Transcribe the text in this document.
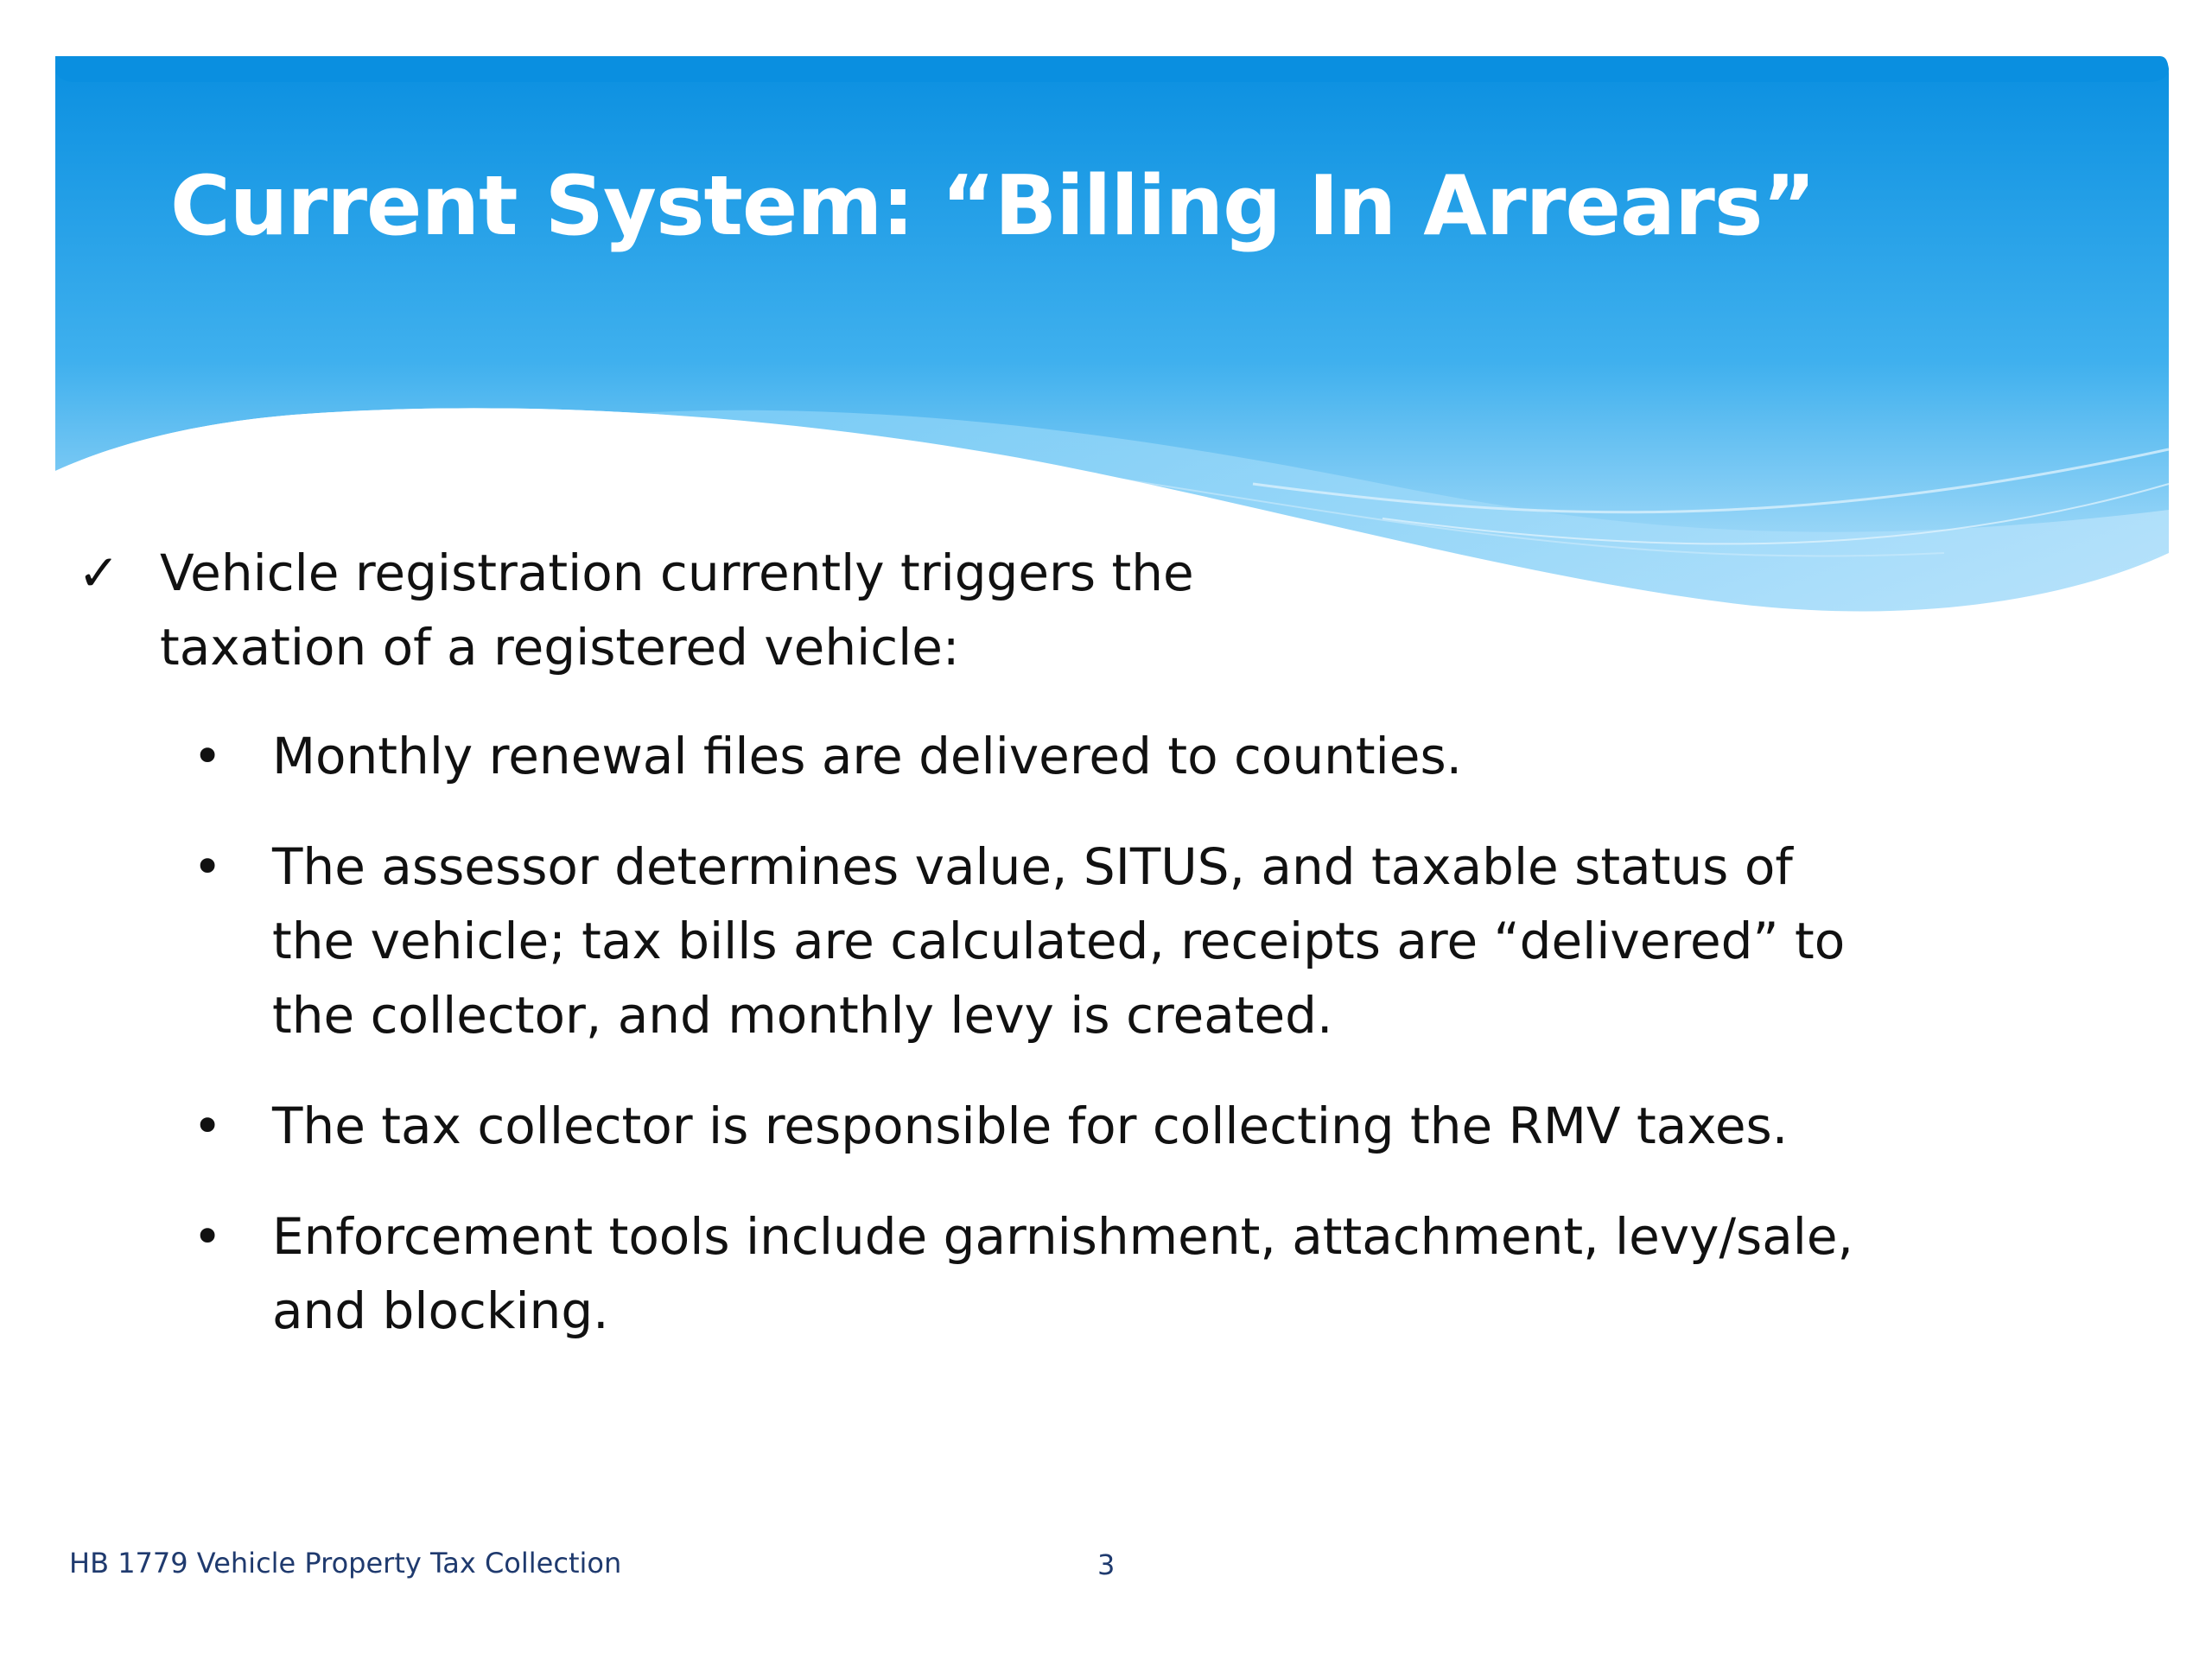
Current System: “Billing In Arrears”
✓ Vehicle registration currently triggers the taxation of a registered vehicle:
• Monthly renewal files are delivered to counties.
• The assessor determines value, SITUS, and taxable status of the vehicle; tax bills are calculated, receipts are “delivered” to the collector, and monthly levy is created.
• The tax collector is responsible for collecting the RMV taxes.
• Enforcement tools include garnishment, attachment, levy/sale, and blocking.
HB 1779 Vehicle Property Tax Collection	3
